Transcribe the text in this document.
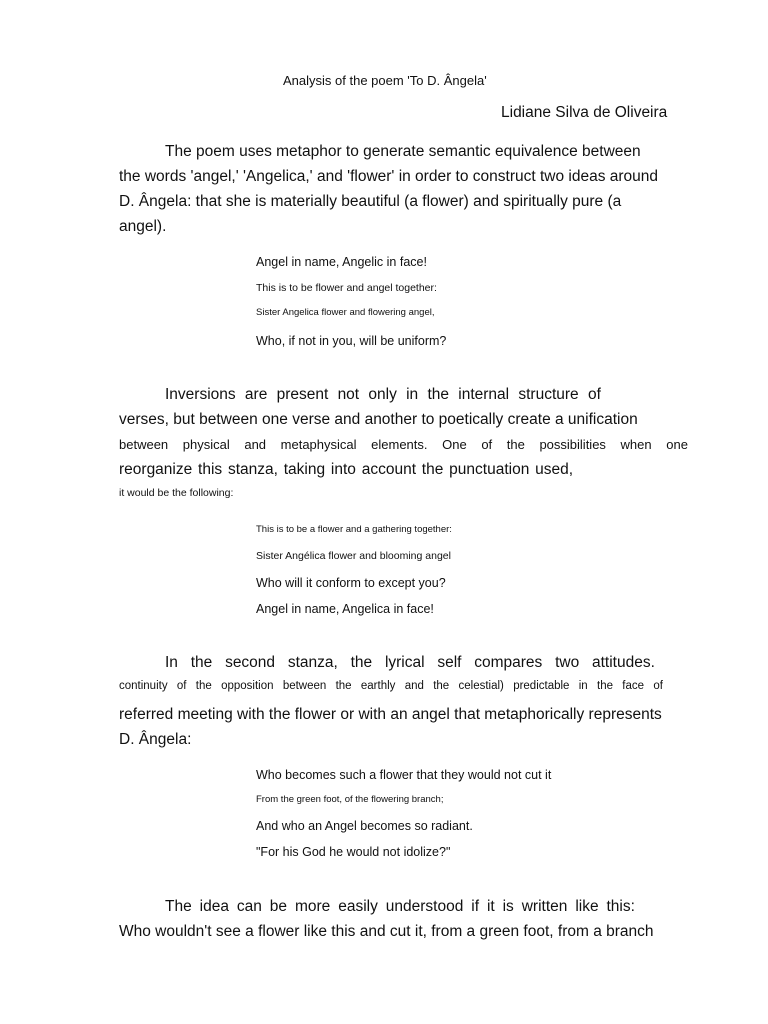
Analysis of the poem 'To D. Ângela'
Lidiane Silva de Oliveira
The poem uses metaphor to generate semantic equivalence between
the words 'angel,' 'Angelica,' and 'flower' in order to construct two ideas around
D. Ângela: that she is materially beautiful (a flower) and spiritually pure (a
angel).
Angel in name, Angelic in face!
This is to be flower and angel together:
Sister Angelica flower and flowering angel,
Who, if not in you, will be uniform?
Inversions are present not only in the internal structure of
verses, but between one verse and another to poetically create a unification
between physical and metaphysical elements. One of the possibilities when one
reorganize this stanza, taking into account the punctuation used,
it would be the following:
This is to be a flower and a gathering together:
Sister Angélica flower and blooming angel
Who will it conform to except you?
Angel in name, Angelica in face!
In the second stanza, the lyrical self compares two attitudes.
continuity of the opposition between the earthly and the celestial) predictable in the face of
referred meeting with the flower or with an angel that metaphorically represents
D. Ângela:
Who becomes such a flower that they would not cut it
From the green foot, of the flowering branch;
And who an Angel becomes so radiant.
"For his God he would not idolize?"
The idea can be more easily understood if it is written like this:
Who wouldn't see a flower like this and cut it, from a green foot, from a branch
